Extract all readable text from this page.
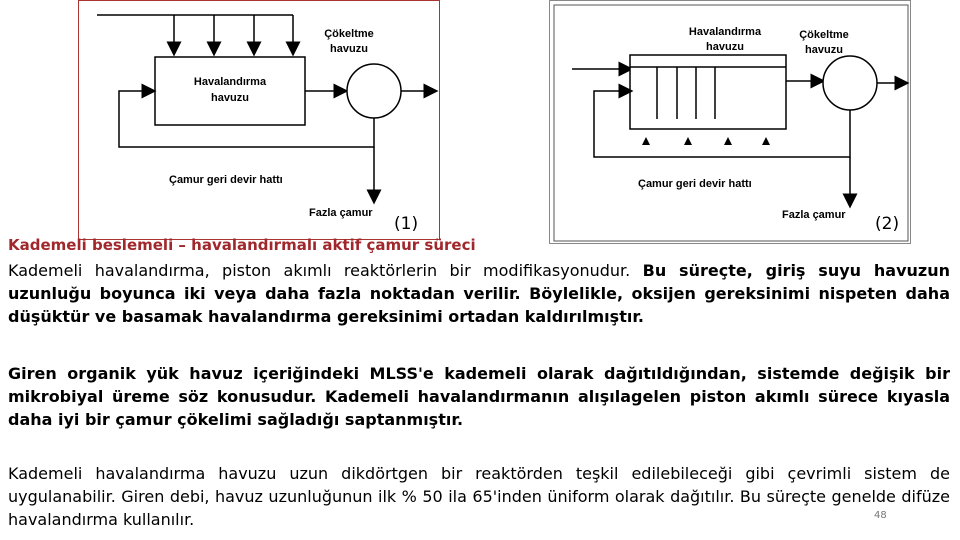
Havalandırma
havuzu
Çökeltme
havuzu
Çamur geri devir hattı
Fazla çamur
(1)
Havalandırma
havuzu
Çökeltme
havuzu
Çamur geri devir hattı
Fazla çamur (2)
Kademeli beslemeli – havalandırmalı aktif çamur süreci

Kademeli havalandırma, piston akımlı reaktörlerin bir modifikasyonudur. Bu süreçte, giriş suyu havuzun uzunluğu boyunca iki veya daha fazla noktadan verilir. Böylelikle, oksijen gereksinimi nispeten daha düşüktür ve basamak havalandırma gereksinimi ortadan kaldırılmıştır.

Giren organik yük havuz içeriğindeki MLSS'e kademeli olarak dağıtıldığından, sistemde değişik bir mikrobiyal üreme söz konusudur. Kademeli havalandırmanın alışılagelen piston akımlı sürece kıyasla daha iyi bir çamur çökelimi sağladığı saptanmıştır.

Kademeli havalandırma havuzu uzun dikdörtgen bir reaktörden teşkil edilebileceği gibi çevrimli sistem de uygulanabilir. Giren debi, havuz uzunluğunun ilk % 50 ila 65'inden üniform olarak dağıtılır. Bu süreçte genelde difüze havalandırma kullanılır.	48
